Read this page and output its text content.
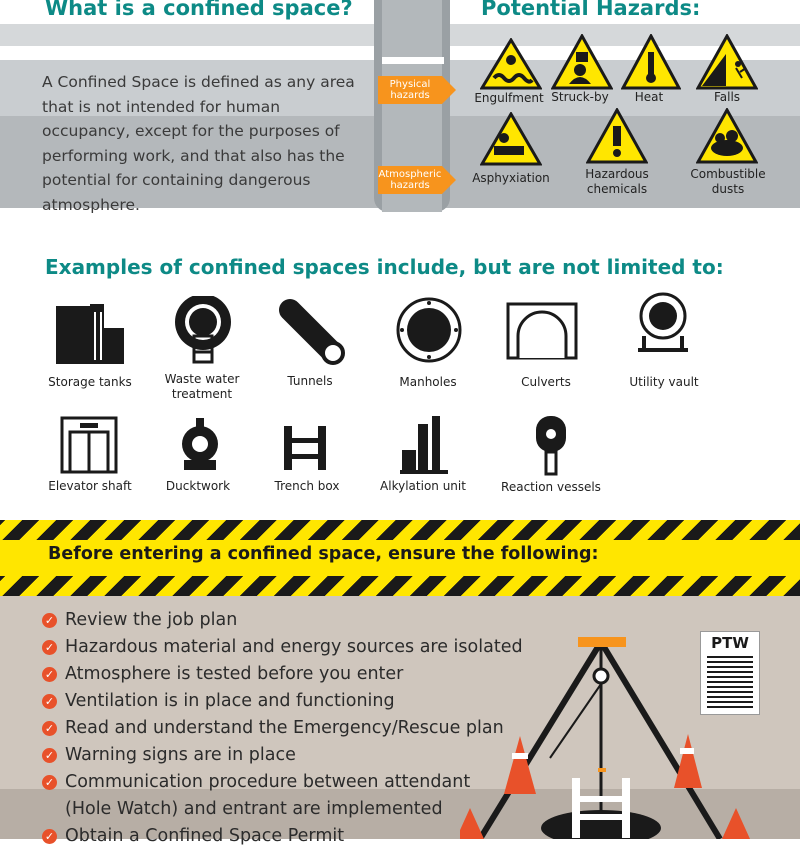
What is a confined space?
A Confined Space is defined as any area that is not intended for human occupancy, except for the purposes of performing work, and that also has the potential for containing dangerous atmosphere.
Physical hazards
Atmospheric hazards
Potential Hazards:
Engulfment Struck-by	Heat	Falls
Asphyxiation	Hazardous chemicals
Combustible dusts
Examples of confined spaces include, but are not limited to:
Storage tanks	Waste water treatment
Tunnels	Manholes	Culverts	Utility vault
Elevator shaft	Ducktwork	Trench box	Alkylation unit	Reaction vessels
Before entering a confined space, ensure the following:
✓ Review the job plan
✓ Hazardous material and energy sources are isolated
✓ Atmosphere is tested before you enter
✓ Ventilation is in place and functioning
✓ Read and understand the Emergency/Rescue plan
✓ Warning signs are in place
✓ Communication procedure between attendant
(Hole Watch) and entrant are implemented
✓ Obtain a Confined Space Permit
PTW
